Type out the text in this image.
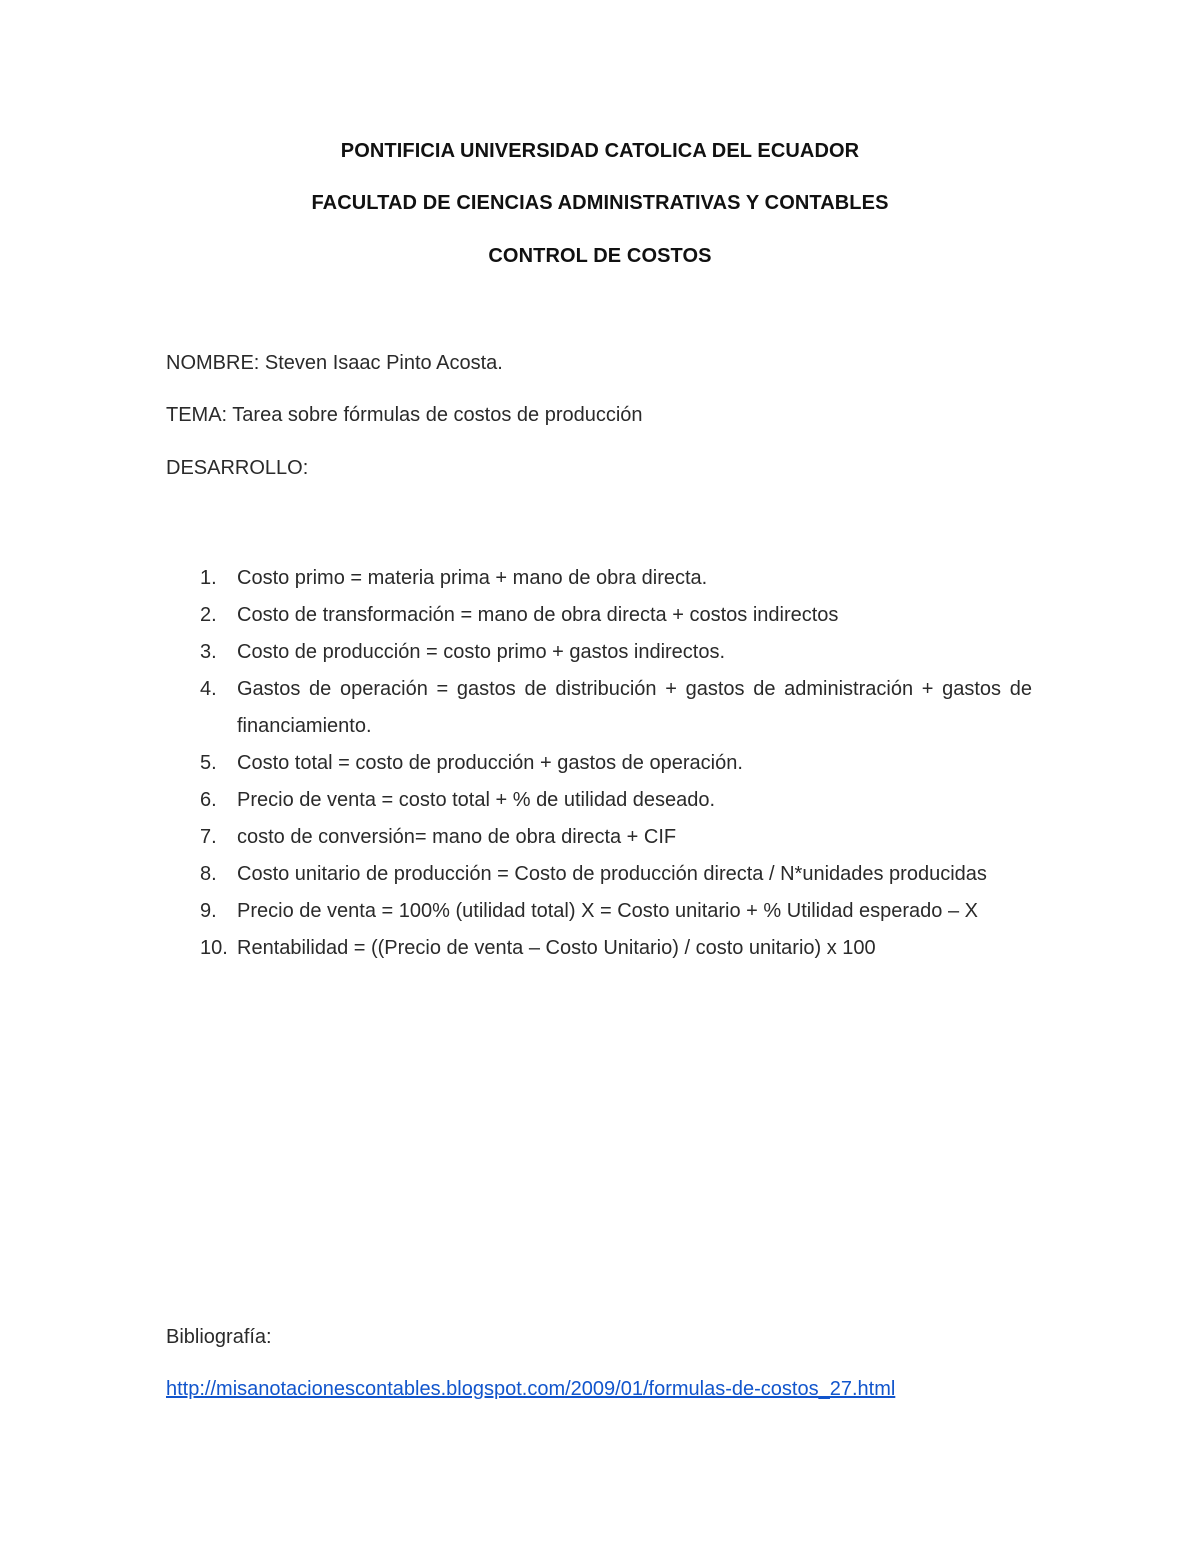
PONTIFICIA UNIVERSIDAD CATOLICA DEL ECUADOR
FACULTAD DE CIENCIAS ADMINISTRATIVAS Y CONTABLES
CONTROL DE COSTOS
NOMBRE: Steven Isaac Pinto Acosta.
TEMA: Tarea sobre fórmulas de costos de producción
DESARROLLO:
1. Costo primo = materia prima + mano de obra directa.
2. Costo de transformación = mano de obra directa + costos indirectos
3. Costo de producción = costo primo + gastos indirectos.
4. Gastos de operación = gastos de distribución + gastos de administración + gastos de financiamiento.
5. Costo total = costo de producción + gastos de operación.
6. Precio de venta = costo total + % de utilidad deseado.
7. costo de conversión= mano de obra directa + CIF
8. Costo unitario de producción = Costo de producción directa / N*unidades producidas
9. Precio de venta = 100% (utilidad total) X = Costo unitario + % Utilidad esperado – X
10. Rentabilidad = ((Precio de venta – Costo Unitario) / costo unitario) x 100
Bibliografía:
http://misanotacionescontables.blogspot.com/2009/01/formulas-de-costos_27.html
